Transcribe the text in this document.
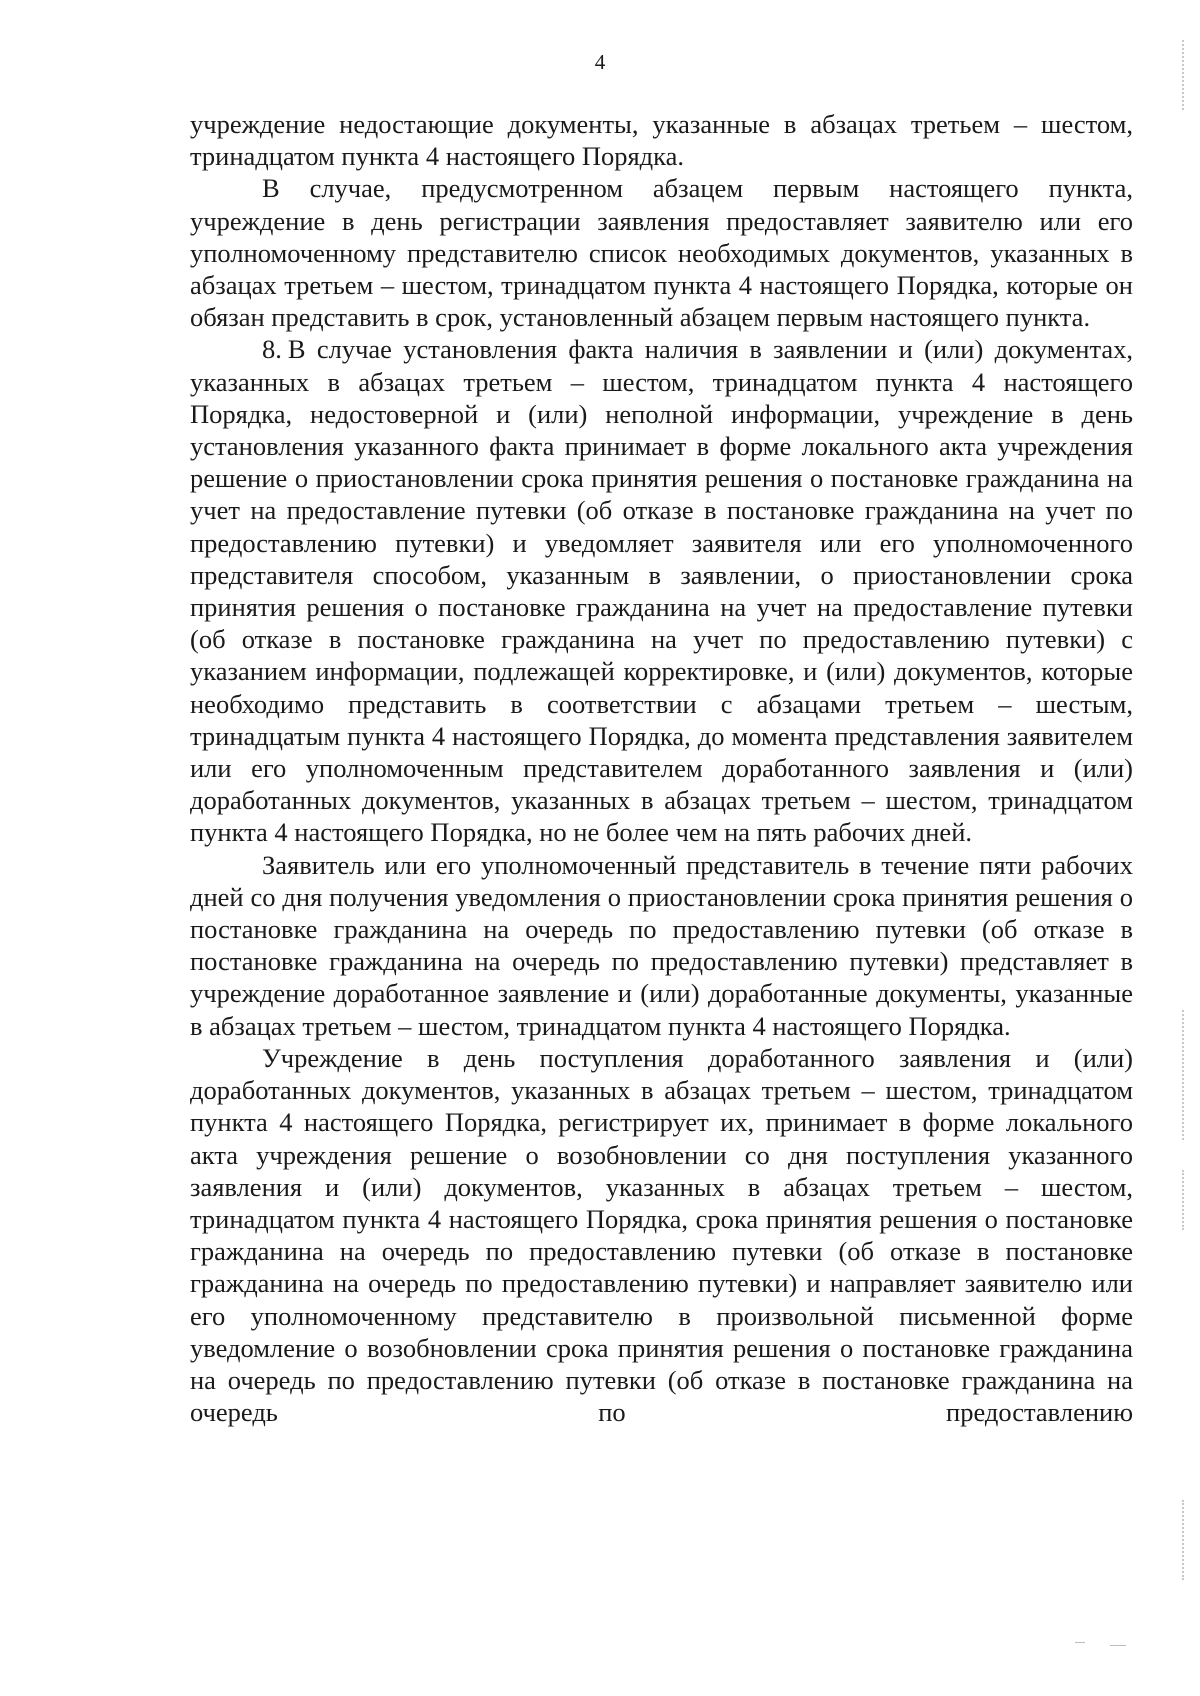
4

учреждение недостающие документы, указанные в абзацах третьем – шестом, тринадцатом пункта 4 настоящего Порядка.

В случае, предусмотренном абзацем первым настоящего пункта, учреждение в день регистрации заявления предоставляет заявителю или его уполномоченному представителю список необходимых документов, указанных в абзацах третьем – шестом, тринадцатом пункта 4 настоящего Порядка, которые он обязан представить в срок, установленный абзацем первым настоящего пункта.

8. В случае установления факта наличия в заявлении и (или) документах, указанных в абзацах третьем – шестом, тринадцатом пункта 4 настоящего Порядка, недостоверной и (или) неполной информации, учреждение в день установления указанного факта принимает в форме локального акта учреждения решение о приостановлении срока принятия решения о постановке гражданина на учет на предоставление путевки (об отказе в постановке гражданина на учет по предоставлению путевки) и уведомляет заявителя или его уполномоченного представителя способом, указанным в заявлении, о приостановлении срока принятия решения о постановке гражданина на учет на предоставление путевки (об отказе в постановке гражданина на учет по предоставлению путевки) с указанием информации, подлежащей корректировке, и (или) документов, которые необходимо представить в соответствии с абзацами третьем – шестым, тринадцатым пункта 4 настоящего Порядка, до момента представления заявителем или его уполномоченным представителем доработанного заявления и (или) доработанных документов, указанных в абзацах третьем – шестом, тринадцатом пункта 4 настоящего Порядка, но не более чем на пять рабочих дней.

Заявитель или его уполномоченный представитель в течение пяти рабочих дней со дня получения уведомления о приостановлении срока принятия решения о постановке гражданина на очередь по предоставлению путевки (об отказе в постановке гражданина на очередь по предоставлению путевки) представляет в учреждение доработанное заявление и (или) доработанные документы, указанные в абзацах третьем – шестом, тринадцатом пункта 4 настоящего Порядка.

Учреждение в день поступления доработанного заявления и (или) доработанных документов, указанных в абзацах третьем – шестом, тринадцатом пункта 4 настоящего Порядка, регистрирует их, принимает в форме локального акта учреждения решение о возобновлении со дня поступления указанного заявления и (или) документов, указанных в абзацах третьем – шестом, тринадцатом пункта 4 настоящего Порядка, срока принятия решения о постановке гражданина на очередь по предоставлению путевки (об отказе в постановке гражданина на очередь по предоставлению путевки) и направляет заявителю или его уполномоченному представителю в произвольной письменной форме уведомление о возобновлении срока принятия решения о постановке гражданина на очередь по предоставлению путевки (об отказе в постановке гражданина на очередь по предоставлению
